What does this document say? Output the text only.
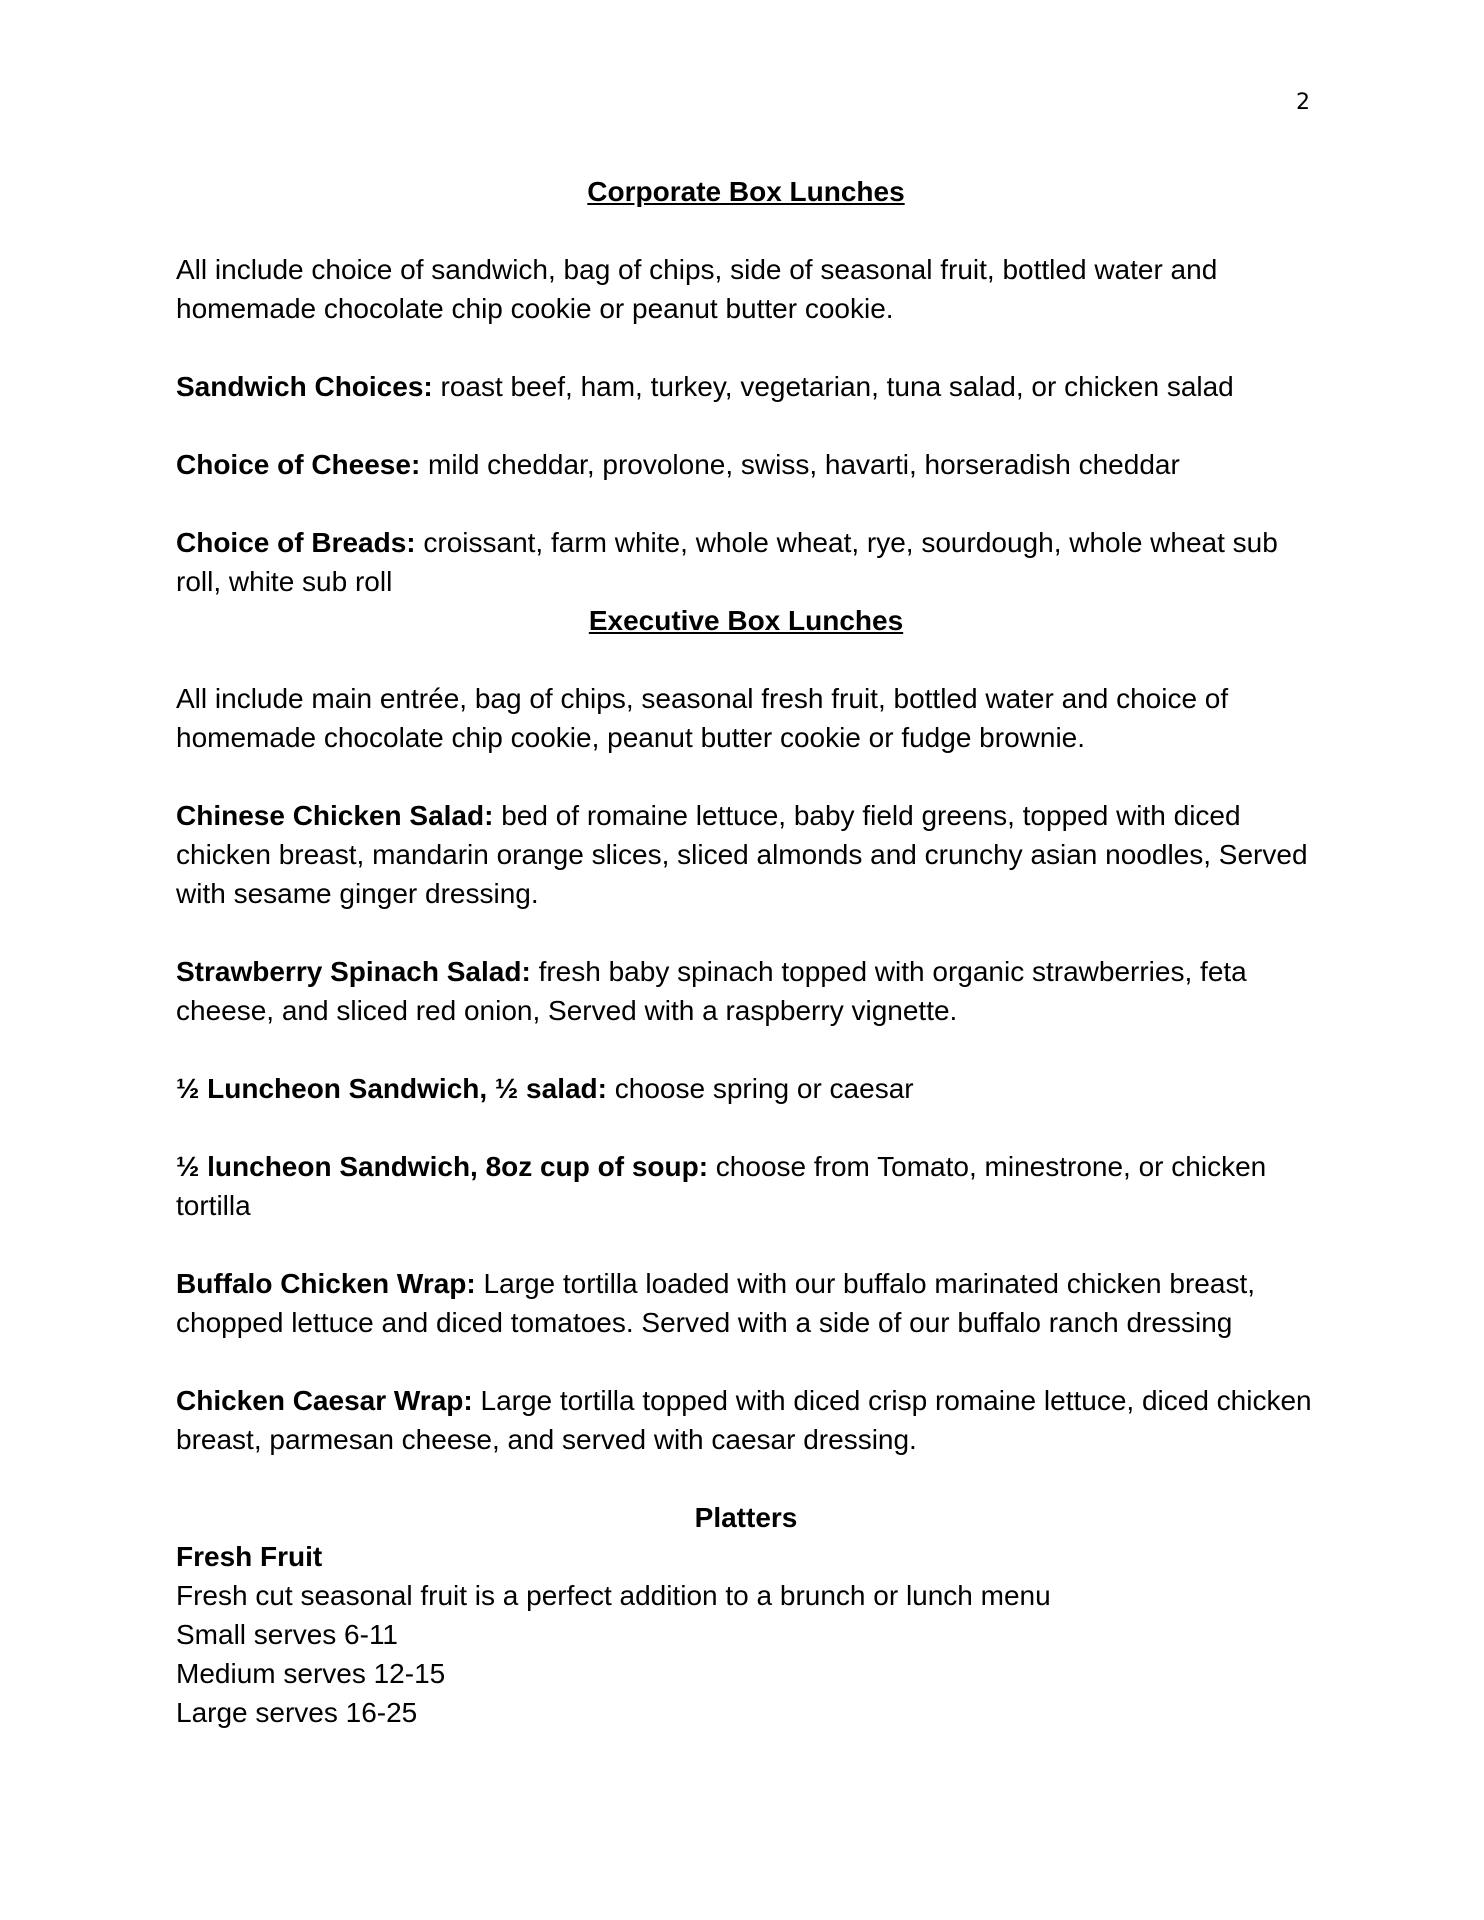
2

Corporate Box Lunches

All include choice of sandwich, bag of chips, side of seasonal fruit, bottled water and homemade chocolate chip cookie or peanut butter cookie.

Sandwich Choices: roast beef, ham, turkey, vegetarian, tuna salad, or chicken salad

Choice of Cheese: mild cheddar, provolone, swiss, havarti, horseradish cheddar

Choice of Breads: croissant, farm white, whole wheat, rye, sourdough, whole wheat sub roll, white sub roll

Executive Box Lunches

All include main entrée, bag of chips, seasonal fresh fruit, bottled water and choice of homemade chocolate chip cookie, peanut butter cookie or fudge brownie.

Chinese Chicken Salad: bed of romaine lettuce, baby field greens, topped with diced chicken breast, mandarin orange slices, sliced almonds and crunchy asian noodles, Served with sesame ginger dressing.

Strawberry Spinach Salad: fresh baby spinach topped with organic strawberries, feta cheese, and sliced red onion, Served with a raspberry vignette.

½ Luncheon Sandwich, ½ salad: choose spring or caesar

½ luncheon Sandwich, 8oz cup of soup: choose from Tomato, minestrone, or chicken tortilla

Buffalo Chicken Wrap: Large tortilla loaded with our buffalo marinated chicken breast, chopped lettuce and diced tomatoes. Served with a side of our buffalo ranch dressing

Chicken Caesar Wrap: Large tortilla topped with diced crisp romaine lettuce, diced chicken breast, parmesan cheese, and served with caesar dressing.

Platters

Fresh Fruit

Fresh cut seasonal fruit is a perfect addition to a brunch or lunch menu

Small serves 6-11

Medium serves 12-15

Large serves 16-25
